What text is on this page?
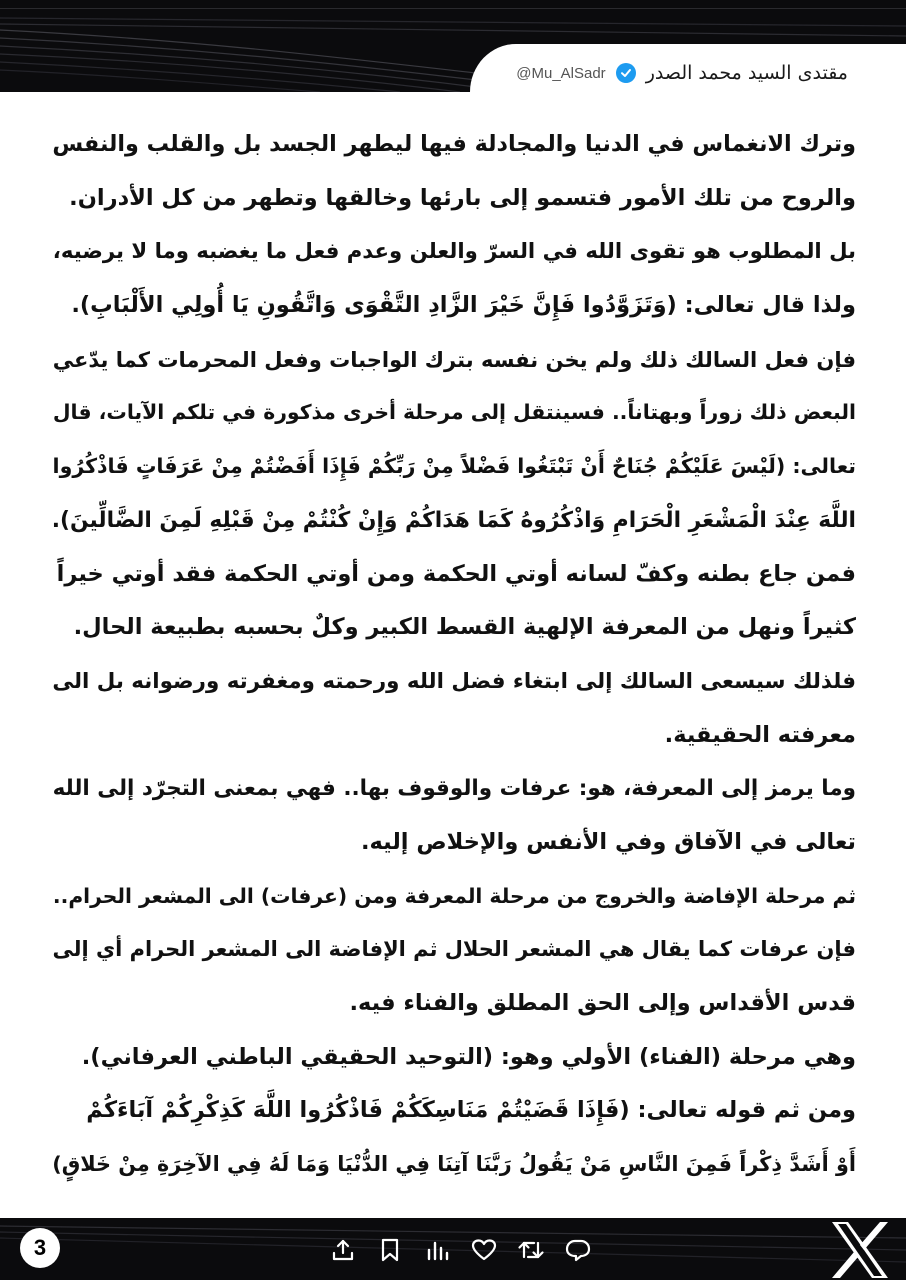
مقتدى السيد محمد الصدر
@Mu_AlSadr
وترك الانغماس في الدنيا والمجادلة فيها ليطهر الجسد بل والقلب والنفس
والروح من تلك الأمور فتسمو إلى بارئها وخالقها وتطهر من كل الأدران.
بل المطلوب هو تقوى الله في السرّ والعلن وعدم فعل ما يغضبه وما لا يرضيه،
ولذا قال تعالى: (وَتَزَوَّدُوا فَإِنَّ خَيْرَ الزَّادِ التَّقْوَى وَاتَّقُونِ يَا أُولِي الأَلْبَابِ).
فإن فعل السالك ذلك ولم يخن نفسه بترك الواجبات وفعل المحرمات كما يدّعي
البعض ذلك زوراً وبهتاناً.. فسينتقل إلى مرحلة أخرى مذكورة في تلكم الآيات، قال
تعالى: (لَيْسَ عَلَيْكُمْ جُنَاحٌ أَنْ تَبْتَغُوا فَضْلاً مِنْ رَبِّكُمْ فَإِذَا أَفَضْتُمْ مِنْ عَرَفَاتٍ فَاذْكُرُوا
اللَّهَ عِنْدَ الْمَشْعَرِ الْحَرَامِ وَاذْكُرُوهُ كَمَا هَدَاكُمْ وَإِنْ كُنْتُمْ مِنْ قَبْلِهِ لَمِنَ الضَّالِّينَ).
فمن جاع بطنه وكفّ لسانه أوتي الحكمة ومن أوتي الحكمة فقد أوتي خيراً
كثيراً ونهل من المعرفة الإلهية القسط الكبير وكلٌ بحسبه بطبيعة الحال.
فلذلك سيسعى السالك إلى ابتغاء فضل الله ورحمته ومغفرته ورضوانه بل الى
معرفته الحقيقية.
وما يرمز إلى المعرفة، هو: عرفات والوقوف بها.. فهي بمعنى التجرّد إلى الله
تعالى في الآفاق وفي الأنفس والإخلاص إليه.
ثم مرحلة الإفاضة والخروج من مرحلة المعرفة ومن (عرفات) الى المشعر الحرام..
فإن عرفات كما يقال هي المشعر الحلال ثم الإفاضة الى المشعر الحرام أي إلى
قدس الأقداس وإلى الحق المطلق والفناء فيه.
وهي مرحلة (الفناء) الأولي وهو: (التوحيد الحقيقي الباطني العرفاني).
ومن ثم قوله تعالى: (فَإِذَا قَضَيْتُمْ مَنَاسِكَكُمْ فَاذْكُرُوا اللَّهَ كَذِكْرِكُمْ آبَاءَكُمْ
أَوْ أَشَدَّ ذِكْراً فَمِنَ النَّاسِ مَنْ يَقُولُ رَبَّنَا آتِنَا فِي الدُّنْيَا وَمَا لَهُ فِي الآخِرَةِ مِنْ خَلاقٍ)
3
